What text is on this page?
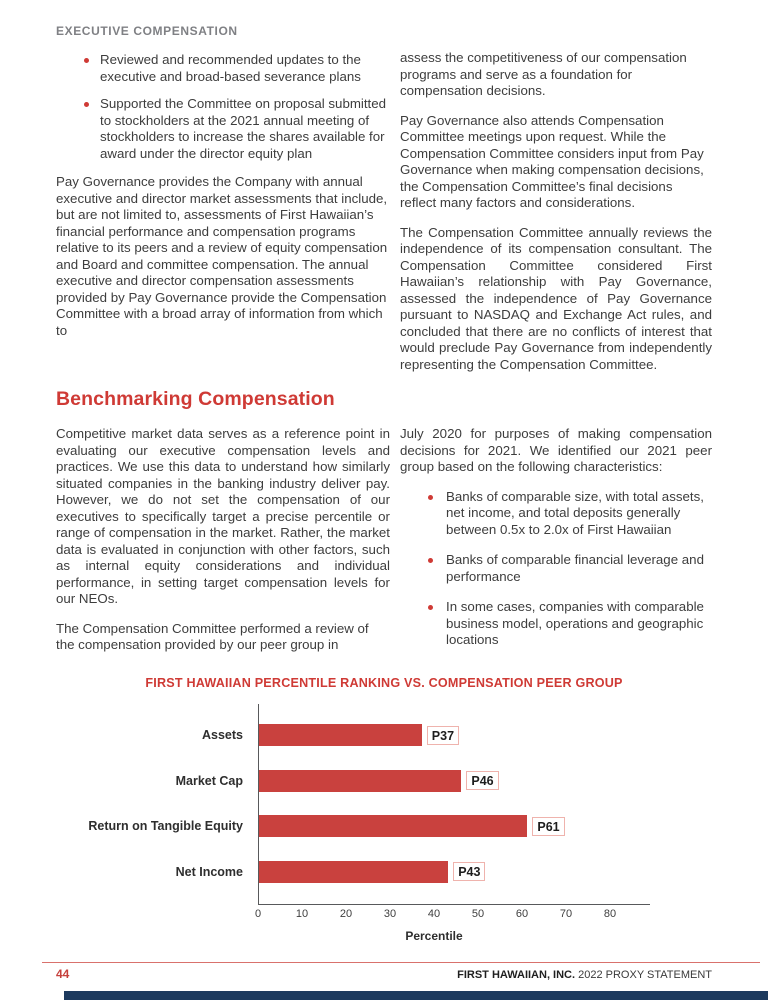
EXECUTIVE COMPENSATION
Reviewed and recommended updates to the executive and broad-based severance plans
Supported the Committee on proposal submitted to stockholders at the 2021 annual meeting of stockholders to increase the shares available for award under the director equity plan

Pay Governance provides the Company with annual executive and director market assessments that include, but are not limited to, assessments of First Hawaiian’s financial performance and compensation programs relative to its peers and a review of equity compensation and Board and committee compensation. The annual executive and director compensation assessments provided by Pay Governance provide the Compensation Committee with a broad array of information from which to

assess the competitiveness of our compensation programs and serve as a foundation for compensation decisions.

Pay Governance also attends Compensation Committee meetings upon request. While the Compensation Committee considers input from Pay Governance when making compensation decisions, the Compensation Committee’s final decisions reflect many factors and considerations.

The Compensation Committee annually reviews the independence of its compensation consultant. The Compensation Committee considered First Hawaiian’s relationship with Pay Governance, assessed the independence of Pay Governance pursuant to NASDAQ and Exchange Act rules, and concluded that there are no conflicts of interest that would preclude Pay Governance from independently representing the Compensation Committee.

Benchmarking Compensation

Competitive market data serves as a reference point in evaluating our executive compensation levels and practices. We use this data to understand how similarly situated companies in the banking industry deliver pay. However, we do not set the compensation of our executives to specifically target a precise percentile or range of compensation in the market. Rather, the market data is evaluated in conjunction with other factors, such as internal equity considerations and individual performance, in setting target compensation levels for our NEOs.

The Compensation Committee performed a review of the compensation provided by our peer group in

July 2020 for purposes of making compensation decisions for 2021. We identified our 2021 peer group based on the following characteristics:

Banks of comparable size, with total assets, net income, and total deposits generally between 0.5x to 2.0x of First Hawaiian
Banks of comparable financial leverage and performance
In some cases, companies with comparable business model, operations and geographic locations
FIRST HAWAIIAN PERCENTILE RANKING VS. COMPENSATION PEER GROUP
Assets	P37
Market Cap	P46
Return on Tangible Equity	P61
Net Income	P43
0	10	20	30	40	50	60	70	80
Percentile
44	FIRST HAWAIIAN, INC. 2022 PROXY STATEMENT
